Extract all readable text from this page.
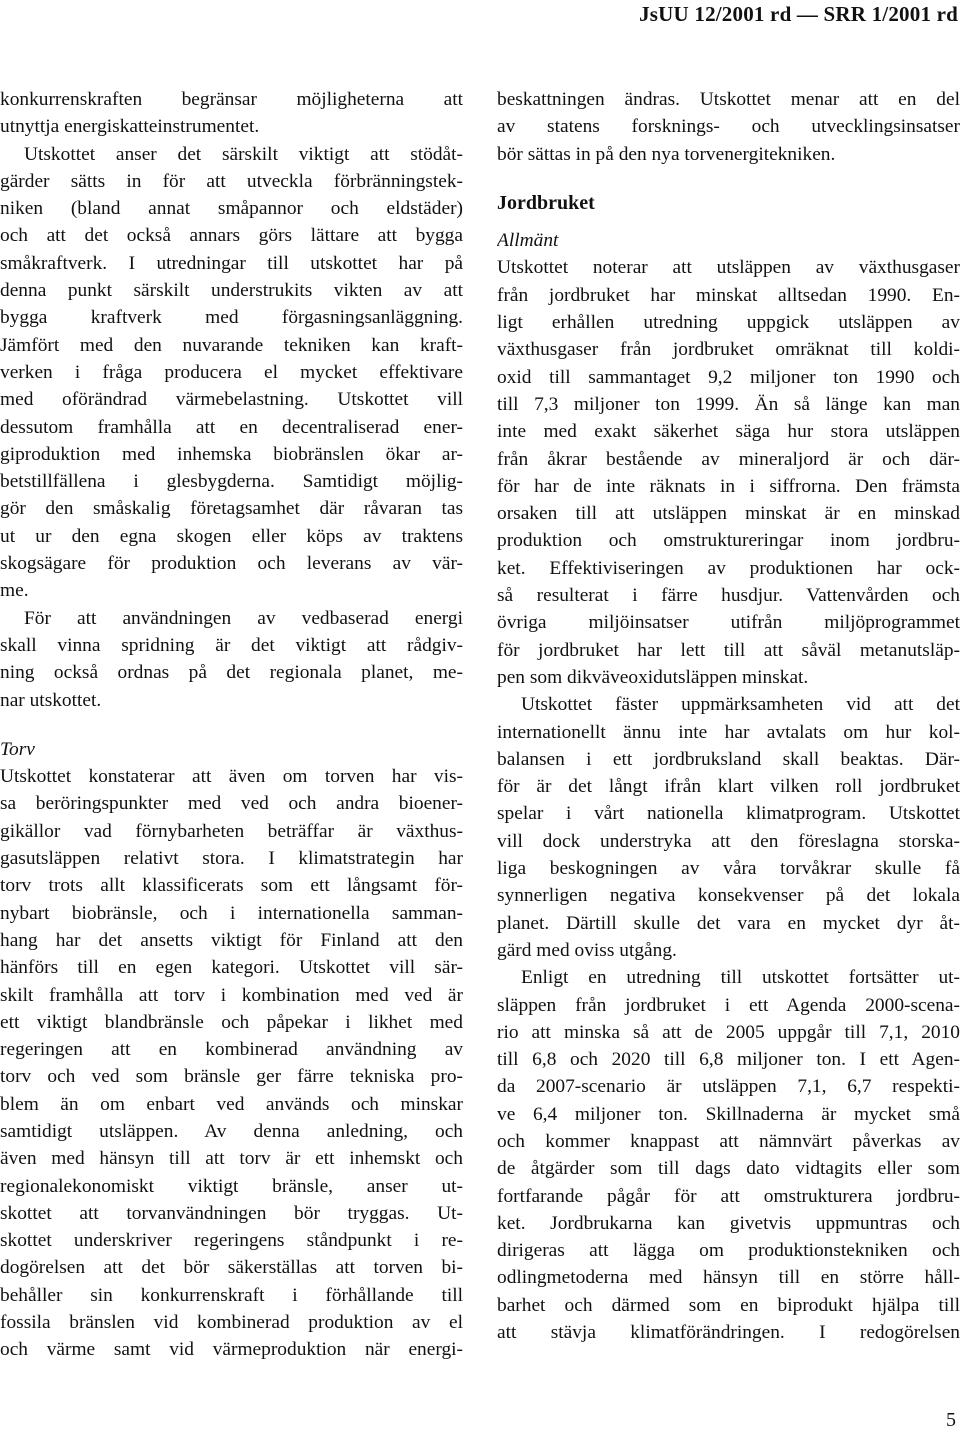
JsUU 12/2001 rd — SRR 1/2001 rd
konkurrenskraften begränsar möjligheterna att
utnyttja energiskatteinstrumentet.
Utskottet anser det särskilt viktigt att stödåt-
gärder sätts in för att utveckla förbränningstek-
niken (bland annat småpannor och eldstäder)
och att det också annars görs lättare att bygga
småkraftverk. I utredningar till utskottet har på
denna punkt särskilt understrukits vikten av att
bygga kraftverk med förgasningsanläggning.
Jämfört med den nuvarande tekniken kan kraft-
verken i fråga producera el mycket effektivare
med oförändrad värmebelastning. Utskottet vill
dessutom framhålla att en decentraliserad ener-
giproduktion med inhemska biobränslen ökar ar-
betstillfällena i glesbygderna. Samtidigt möjlig-
gör den småskalig företagsamhet där råvaran tas
ut ur den egna skogen eller köps av traktens
skogsägare för produktion och leverans av vär-
me.
För att användningen av vedbaserad energi
skall vinna spridning är det viktigt att rådgiv-
ning också ordnas på det regionala planet, me-
nar utskottet.
Torv
Utskottet konstaterar att även om torven har vis-
sa beröringspunkter med ved och andra bioener-
gikällor vad förnybarheten beträffar är växthus-
gasutsläppen relativt stora. I klimatstrategin har
torv trots allt klassificerats som ett långsamt för-
nybart biobränsle, och i internationella samman-
hang har det ansetts viktigt för Finland att den
hänförs till en egen kategori. Utskottet vill sär-
skilt framhålla att torv i kombination med ved är
ett viktigt blandbränsle och påpekar i likhet med
regeringen att en kombinerad användning av
torv och ved som bränsle ger färre tekniska pro-
blem än om enbart ved används och minskar
samtidigt utsläppen. Av denna anledning, och
även med hänsyn till att torv är ett inhemskt och
regionalekonomiskt viktigt bränsle, anser ut-
skottet att torvanvändningen bör tryggas. Ut-
skottet underskriver regeringens ståndpunkt i re-
dogörelsen att det bör säkerställas att torven bi-
behåller sin konkurrenskraft i förhållande till
fossila bränslen vid kombinerad produktion av el
och värme samt vid värmeproduktion när energi-
beskattningen ändras. Utskottet menar att en del
av statens forsknings- och utvecklingsinsatser
bör sättas in på den nya torvenergitekniken.
Jordbruket
Allmänt
Utskottet noterar att utsläppen av växthusgaser
från jordbruket har minskat alltsedan 1990. En-
ligt erhållen utredning uppgick utsläppen av
växthusgaser från jordbruket omräknat till koldi-
oxid till sammantaget 9,2 miljoner ton 1990 och
till 7,3 miljoner ton 1999. Än så länge kan man
inte med exakt säkerhet säga hur stora utsläppen
från åkrar bestående av mineraljord är och där-
för har de inte räknats in i siffrorna. Den främsta
orsaken till att utsläppen minskat är en minskad
produktion och omstruktureringar inom jordbru-
ket. Effektiviseringen av produktionen har ock-
så resulterat i färre husdjur. Vattenvården och
övriga miljöinsatser utifrån miljöprogrammet
för jordbruket har lett till att såväl metanutsläp-
pen som dikväveoxidutsläppen minskat.
Utskottet fäster uppmärksamheten vid att det
internationellt ännu inte har avtalats om hur kol-
balansen i ett jordbruksland skall beaktas. Där-
för är det långt ifrån klart vilken roll jordbruket
spelar i vårt nationella klimatprogram. Utskottet
vill dock understryka att den föreslagna storska-
liga beskogningen av våra torvåkrar skulle få
synnerligen negativa konsekvenser på det lokala
planet. Därtill skulle det vara en mycket dyr åt-
gärd med oviss utgång.
Enligt en utredning till utskottet fortsätter ut-
släppen från jordbruket i ett Agenda 2000-scena-
rio att minska så att de 2005 uppgår till 7,1, 2010
till 6,8 och 2020 till 6,8 miljoner ton. I ett Agen-
da 2007-scenario är utsläppen 7,1, 6,7 respekti-
ve 6,4 miljoner ton. Skillnaderna är mycket små
och kommer knappast att nämnvärt påverkas av
de åtgärder som till dags dato vidtagits eller som
fortfarande pågår för att omstrukturera jordbru-
ket. Jordbrukarna kan givetvis uppmuntras och
dirigeras att lägga om produktionstekniken och
odlingmetoderna med hänsyn till en större håll-
barhet och därmed som en biprodukt hjälpa till
att stävja klimatförändringen. I redogörelsen
5
